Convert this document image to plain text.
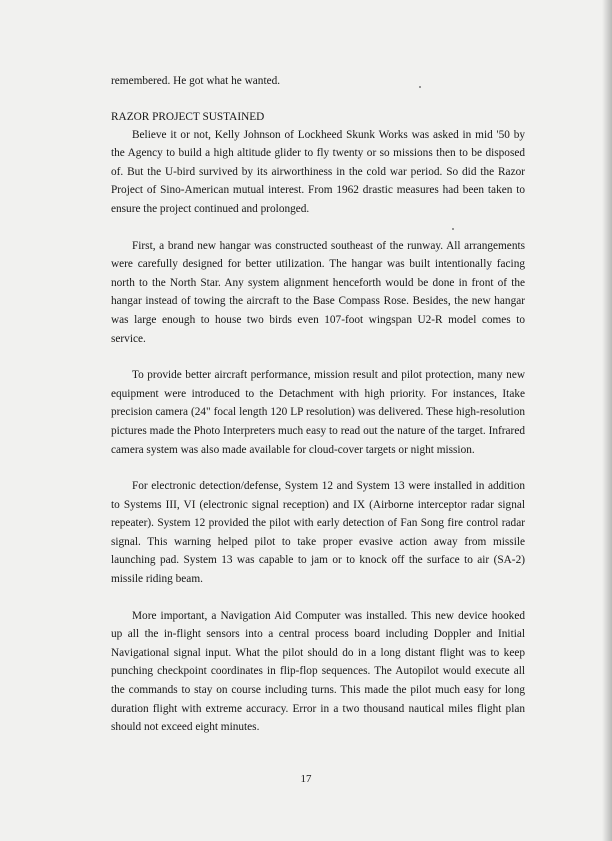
remembered. He got what he wanted.

RAZOR PROJECT SUSTAINED

Believe it or not, Kelly Johnson of Lockheed Skunk Works was asked in mid '50 by the Agency to build a high altitude glider to fly twenty or so missions then to be disposed of. But the U-bird survived by its airworthiness in the cold war period. So did the Razor Project of Sino-American mutual interest. From 1962 drastic measures had been taken to ensure the project continued and prolonged.

First, a brand new hangar was constructed southeast of the runway. All arrangements were carefully designed for better utilization. The hangar was built intentionally facing north to the North Star. Any system alignment henceforth would be done in front of the hangar instead of towing the aircraft to the Base Compass Rose. Besides, the new hangar was large enough to house two birds even 107-foot wingspan U2-R model comes to service.

To provide better aircraft performance, mission result and pilot protection, many new equipment were introduced to the Detachment with high priority. For instances, Itake precision camera (24" focal length 120 LP resolution) was delivered. These high-resolution pictures made the Photo Interpreters much easy to read out the nature of the target. Infrared camera system was also made available for cloud-cover targets or night mission.

For electronic detection/defense, System 12 and System 13 were installed in addition to Systems III, VI (electronic signal reception) and IX (Airborne interceptor radar signal repeater). System 12 provided the pilot with early detection of Fan Song fire control radar signal. This warning helped pilot to take proper evasive action away from missile launching pad. System 13 was capable to jam or to knock off the surface to air (SA-2) missile riding beam.

More important, a Navigation Aid Computer was installed. This new device hooked up all the in-flight sensors into a central process board including Doppler and Initial Navigational signal input. What the pilot should do in a long distant flight was to keep punching checkpoint coordinates in flip-flop sequences. The Autopilot would execute all the commands to stay on course including turns. This made the pilot much easy for long duration flight with extreme accuracy. Error in a two thousand nautical miles flight plan should not exceed eight minutes.

17
